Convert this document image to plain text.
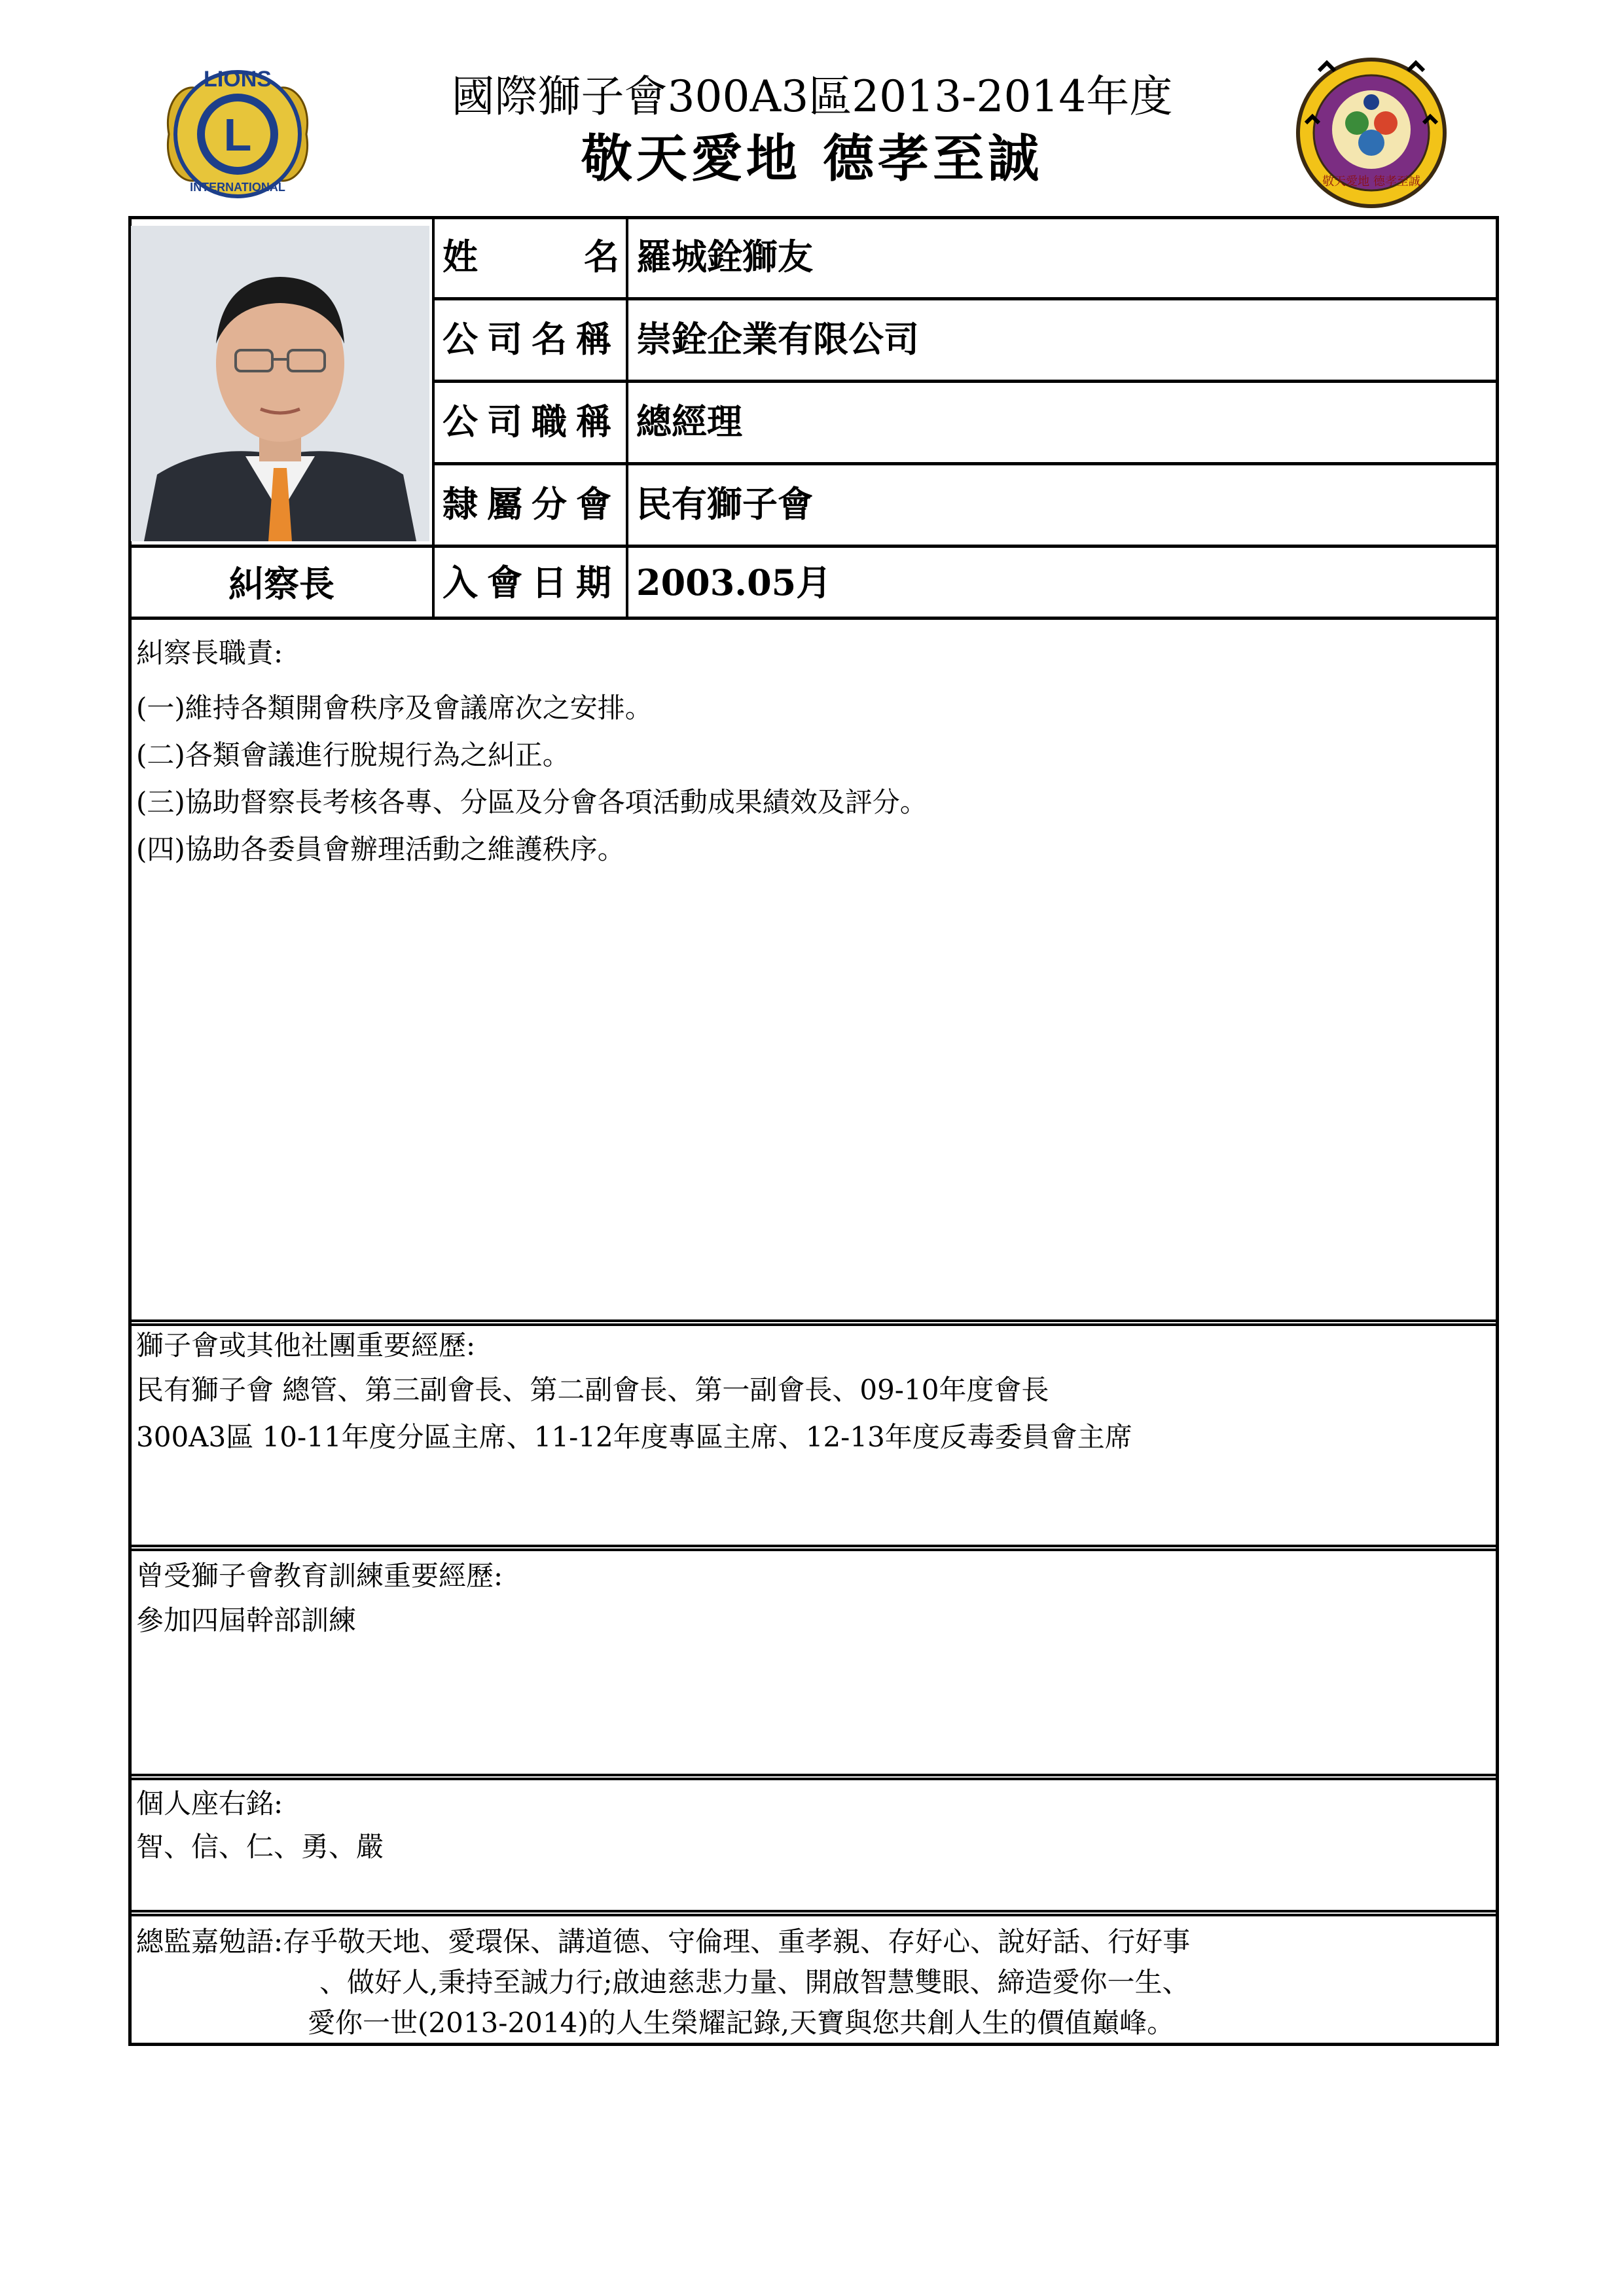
LIONS
L
INTERNATIONAL
國際獅子會300A3區2013-2014年度
敬天愛地 德孝至誠	敬天愛地 德孝至誠
糾察長
姓	名 羅城銓獅友
公司名稱 崇銓企業有限公司
公司職稱 總經理
隸屬分會 民有獅子會
入會日期 2003.05月
糾察長職責:
(一)維持各類開會秩序及會議席次之安排。
(二)各類會議進行脫規行為之糾正。
(三)協助督察長考核各專、分區及分會各項活動成果績效及評分。
(四)協助各委員會辦理活動之維護秩序。
獅子會或其他社團重要經歷:
民有獅子會 總管、第三副會長、第二副會長、第一副會長、09-10年度會長
300A3區 10-11年度分區主席、11-12年度專區主席、12-13年度反毒委員會主席
曾受獅子會教育訓練重要經歷:
參加四屆幹部訓練
個人座右銘:
智、信、仁、勇、嚴
總監嘉勉語:存乎敬天地、愛環保、講道德、守倫理、重孝親、存好心、說好話、行好事
、做好人,秉持至誠力行;啟迪慈悲力量、開啟智慧雙眼、締造愛你一生、
愛你一世(2013-2014)的人生榮耀記錄,天寶與您共創人生的價值巔峰。
